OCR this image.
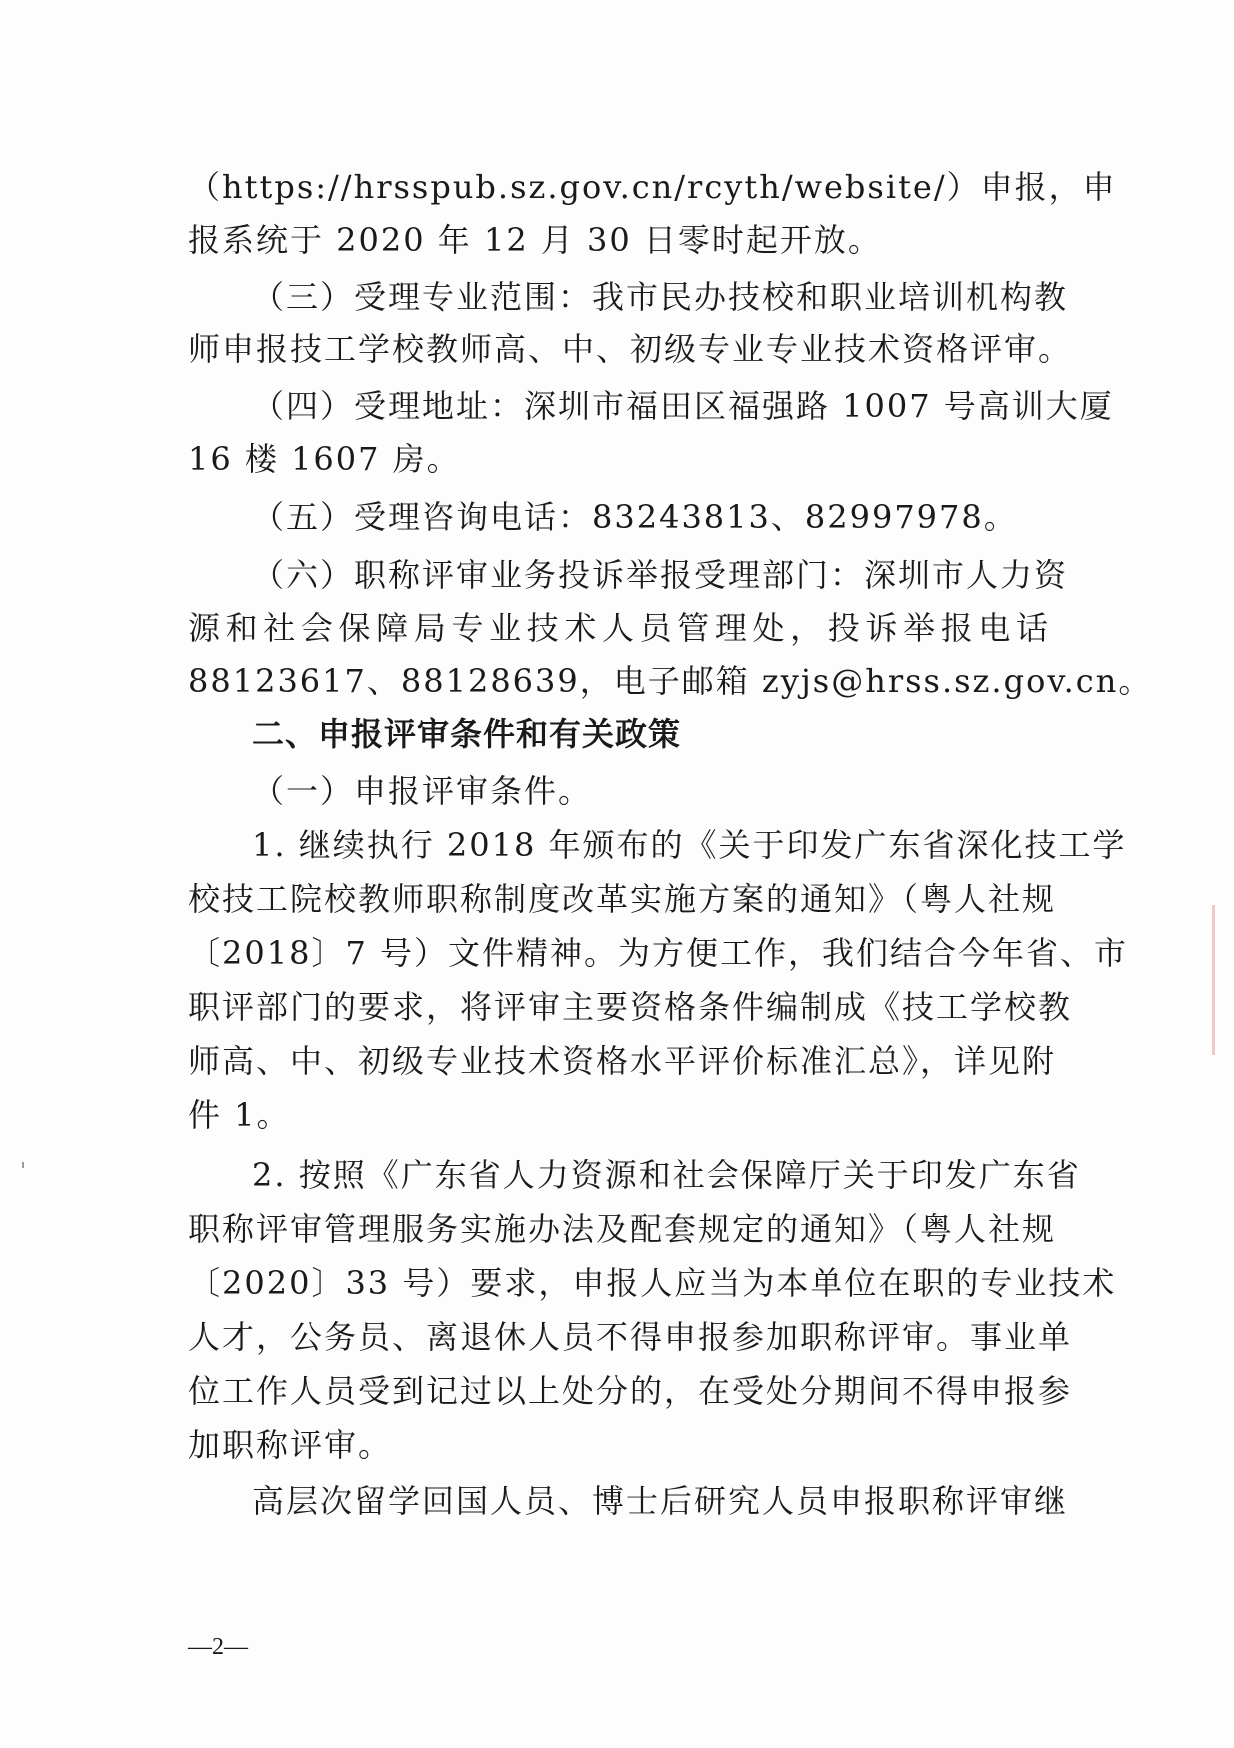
（https://hrsspub.sz.gov.cn/rcyth/website/）申报，申
报系统于 2020 年 12 月 30 日零时起开放。
（三）受理专业范围：我市民办技校和职业培训机构教
师申报技工学校教师高、中、初级专业专业技术资格评审。
（四）受理地址：深圳市福田区福强路 1007 号高训大厦
16 楼 1607 房。
（五）受理咨询电话：83243813、82997978。
（六）职称评审业务投诉举报受理部门：深圳市人力资
源和社会保障局专业技术人员管理处，投诉举报电话
88123617、88128639，电子邮箱 zyjs@hrss.sz.gov.cn。
二、申报评审条件和有关政策
（一）申报评审条件。
1. 继续执行 2018 年颁布的《关于印发广东省深化技工学
校技工院校教师职称制度改革实施方案的通知》（粤人社规
〔2018〕7 号）文件精神。为方便工作，我们结合今年省、市
职评部门的要求，将评审主要资格条件编制成《技工学校教
师高、中、初级专业技术资格水平评价标准汇总》，详见附
件 1。
2. 按照《广东省人力资源和社会保障厅关于印发广东省
职称评审管理服务实施办法及配套规定的通知》（粤人社规
〔2020〕33 号）要求，申报人应当为本单位在职的专业技术
人才，公务员、离退休人员不得申报参加职称评审。事业单
位工作人员受到记过以上处分的，在受处分期间不得申报参
加职称评审。
高层次留学回国人员、博士后研究人员申报职称评审继
—2—
